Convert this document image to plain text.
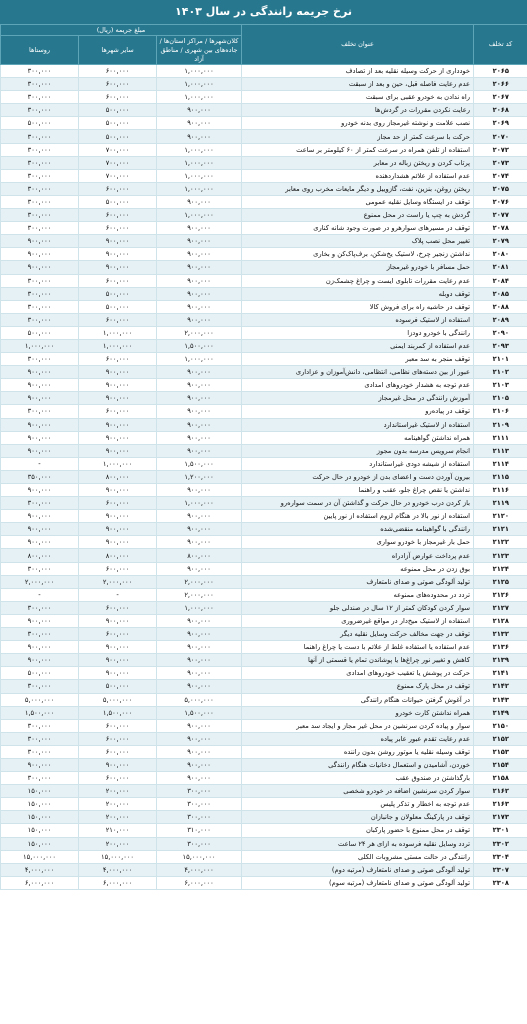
نرخ جریمه رانندگی در سال ۱۴۰۳
کد تخلف	عنوان تخلف	مبلغ جریمه (ریال)		
		کلان‌شهرها / مراکز استان‌ها / جاده‌های بین شهری / مناطق آزاد	سایر شهرها	روستاها
۲۰۶۵	خودداری از حرکت وسیله نقلیه بعد از تصادف	۱,۰۰۰,۰۰۰	۶۰۰,۰۰۰	۳۰۰,۰۰۰
۲۰۶۶	عدم رعایت فاصله قبل، حین و بعد از سبقت	۱,۰۰۰,۰۰۰	۶۰۰,۰۰۰	۳۰۰,۰۰۰
۲۰۶۷	راه ندادن به خودرو عقبی برای سبقت	۱,۰۰۰,۰۰۰	۶۰۰,۰۰۰	۳۰۰,۰۰۰
۲۰۶۸	رعایت نکردن مقررات در گردش‌ها	۹۰۰,۰۰۰	۵۰۰,۰۰۰	۳۰۰,۰۰۰
۲۰۶۹	نصب علامت و نوشته غیرمجاز روی بدنه خودرو	۹۰۰,۰۰۰	۵۰۰,۰۰۰	۵۰۰,۰۰۰
۲۰۷۰	حرکت با سرعت کمتر از حد مجاز	۹۰۰,۰۰۰	۵۰۰,۰۰۰	۳۰۰,۰۰۰
۲۰۷۲	استفاده از تلفن همراه در سرعت کمتر از ۶۰ کیلومتر بر ساعت	۱,۰۰۰,۰۰۰	۷۰۰,۰۰۰	۳۰۰,۰۰۰
۲۰۷۳	پرتاب کردن و ریختن زباله در معابر	۱,۰۰۰,۰۰۰	۷۰۰,۰۰۰	۳۰۰,۰۰۰
۲۰۷۴	عدم استفاده از علائم هشداردهنده	۱,۰۰۰,۰۰۰	۷۰۰,۰۰۰	۳۰۰,۰۰۰
۲۰۷۵	ریختن روغن، بنزین، نفت، گازوییل و دیگر مایعات مخرب روی معابر	۱,۰۰۰,۰۰۰	۶۰۰,۰۰۰	۳۰۰,۰۰۰
۲۰۷۶	توقف در ایستگاه وسایل نقلیه عمومی	۹۰۰,۰۰۰	۵۰۰,۰۰۰	۳۰۰,۰۰۰
۲۰۷۷	گردش به چپ یا راست در محل ممنوع	۱,۰۰۰,۰۰۰	۶۰۰,۰۰۰	۳۰۰,۰۰۰
۲۰۷۸	توقف در مسیرهای سوارهرو در صورت وجود شانه کناری	۹۰۰,۰۰۰	۶۰۰,۰۰۰	۳۰۰,۰۰۰
۲۰۷۹	تغییر محل نصب پلاک	۹۰۰,۰۰۰	۹۰۰,۰۰۰	۹۰۰,۰۰۰
۲۰۸۰	نداشتن زنجیر چرخ، لاستیک یخ‌شکن، برف‌پاک‌کن و بخاری	۹۰۰,۰۰۰	۹۰۰,۰۰۰	۹۰۰,۰۰۰
۲۰۸۱	حمل مسافر با خودرو غیرمجاز	۹۰۰,۰۰۰	۹۰۰,۰۰۰	۹۰۰,۰۰۰
۲۰۸۴	عدم رعایت مقررات تابلوی ایست و چراغ چشمک‌زن	۹۰۰,۰۰۰	۶۰۰,۰۰۰	۳۰۰,۰۰۰
۲۰۸۵	توقف دوبله	۹۰۰,۰۰۰	۵۰۰,۰۰۰	۳۰۰,۰۰۰
۲۰۸۸	توقف در حاشیه راه برای فروش کالا	۹۰۰,۰۰۰	۵۰۰,۰۰۰	۳۰۰,۰۰۰
۲۰۸۹	استفاده از لاستیک فرسوده	۹۰۰,۰۰۰	۶۰۰,۰۰۰	۳۰۰,۰۰۰
۲۰۹۰	رانندگی با خودرو دودزا	۲,۰۰۰,۰۰۰	۱,۰۰۰,۰۰۰	۵۰۰,۰۰۰
۲۰۹۳	عدم استفاده از کمربند ایمنی	۱,۵۰۰,۰۰۰	۱,۰۰۰,۰۰۰	۱,۰۰۰,۰۰۰
۲۱۰۱	توقف منجر به سد معبر	۱,۰۰۰,۰۰۰	۶۰۰,۰۰۰	۳۰۰,۰۰۰
۲۱۰۲	عبور از بین دسته‌های نظامی، انتظامی، دانش‌آموزان و عزاداری	۹۰۰,۰۰۰	۹۰۰,۰۰۰	۹۰۰,۰۰۰
۲۱۰۳	عدم توجه به هشدار خودروهای امدادی	۹۰۰,۰۰۰	۹۰۰,۰۰۰	۹۰۰,۰۰۰
۲۱۰۵	آموزش رانندگی در محل غیرمجاز	۹۰۰,۰۰۰	۹۰۰,۰۰۰	۹۰۰,۰۰۰
۲۱۰۶	توقف در پیاده‌رو	۹۰۰,۰۰۰	۶۰۰,۰۰۰	۳۰۰,۰۰۰
۲۱۰۹	استفاده از لاستیک غیراستاندارد	۹۰۰,۰۰۰	۹۰۰,۰۰۰	۹۰۰,۰۰۰
۲۱۱۱	همراه نداشتن گواهینامه	۹۰۰,۰۰۰	۹۰۰,۰۰۰	۹۰۰,۰۰۰
۲۱۱۳	انجام سرویس مدرسه بدون مجوز	۹۰۰,۰۰۰	۹۰۰,۰۰۰	۹۰۰,۰۰۰
۲۱۱۴	استفاده از شیشه دودی غیراستاندارد	۱,۵۰۰,۰۰۰	۱,۰۰۰,۰۰۰	-
۲۱۱۵	بیرون آوردن دست و اعضای بدن از خودرو در حال حرکت	۱,۲۰۰,۰۰۰	۸۰۰,۰۰۰	۳۵۰,۰۰۰
۲۱۱۶	نداشتن یا نقص چراغ جلو، عقب و راهنما	۹۰۰,۰۰۰	۹۰۰,۰۰۰	۹۰۰,۰۰۰
۲۱۱۹	باز کردن درب خودرو در حال حرکت و گذاشتن آن در سمت سواره‌رو	۱,۰۰۰,۰۰۰	۶۰۰,۰۰۰	۳۰۰,۰۰۰
۲۱۲۰	استفاده از نور بالا در هنگام لزوم استفاده از نور پایین	۹۰۰,۰۰۰	۹۰۰,۰۰۰	۹۰۰,۰۰۰
۲۱۲۱	رانندگی با گواهینامه منقضی‌شده	۹۰۰,۰۰۰	۹۰۰,۰۰۰	۹۰۰,۰۰۰
۲۱۲۲	حمل بار غیرمجاز با خودرو سواری	۹۰۰,۰۰۰	۹۰۰,۰۰۰	۹۰۰,۰۰۰
۲۱۲۳	عدم پرداخت عوارض آزادراه	۸۰۰,۰۰۰	۸۰۰,۰۰۰	۸۰۰,۰۰۰
۲۱۲۴	بوق زدن در محل ممنوعه	۹۰۰,۰۰۰	۶۰۰,۰۰۰	۳۰۰,۰۰۰
۲۱۲۵	تولید آلودگی صوتی و صدای نامتعارف	۲,۰۰۰,۰۰۰	۲,۰۰۰,۰۰۰	۲,۰۰۰,۰۰۰
۲۱۲۶	تردد در محدوده‌های ممنوعه	۲,۰۰۰,۰۰۰	-	-
۲۱۲۷	سوار کردن کودکان کمتر از ۱۲ سال در صندلی جلو	۱,۰۰۰,۰۰۰	۶۰۰,۰۰۰	۳۰۰,۰۰۰
۲۱۲۸	استفاده از لاستیک میخ‌دار در مواقع غیرضروری	۹۰۰,۰۰۰	۹۰۰,۰۰۰	۹۰۰,۰۰۰
۲۱۳۲	توقف در جهت مخالف حرکت وسایل نقلیه دیگر	۹۰۰,۰۰۰	۶۰۰,۰۰۰	۳۰۰,۰۰۰
۲۱۳۶	عدم استفاده یا استفاده غلط از علائم با دست یا چراغ راهنما	۹۰۰,۰۰۰	۹۰۰,۰۰۰	۹۰۰,۰۰۰
۲۱۳۹	کاهش و تغییر نور چراغ‌ها یا پوشاندن تمام یا قسمتی از آنها	۹۰۰,۰۰۰	۹۰۰,۰۰۰	۹۰۰,۰۰۰
۲۱۴۱	حرکت در پوشش یا تعقیب خودروهای امدادی	۹۰۰,۰۰۰	۹۰۰,۰۰۰	۵۰۰,۰۰۰
۲۱۴۲	توقف در محل پارک ممنوع	۹۰۰,۰۰۰	۵۰۰,۰۰۰	۳۰۰,۰۰۰
۲۱۴۳	در آغوش گرفتن حیوانات هنگام رانندگی	۵,۰۰۰,۰۰۰	۵,۰۰۰,۰۰۰	۵,۰۰۰,۰۰۰
۲۱۴۹	همراه نداشتن کارت خودرو	۱,۵۰۰,۰۰۰	۱,۵۰۰,۰۰۰	۱,۵۰۰,۰۰۰
۲۱۵۰	سوار و پیاده کردن سرنشین در محل غیر مجاز و ایجاد سد معبر	۹۰۰,۰۰۰	۶۰۰,۰۰۰	۳۰۰,۰۰۰
۲۱۵۲	عدم رعایت تقدم عبور عابر پیاده	۹۰۰,۰۰۰	۶۰۰,۰۰۰	۳۰۰,۰۰۰
۲۱۵۳	توقف وسیله نقلیه یا موتور روشن بدون راننده	۹۰۰,۰۰۰	۶۰۰,۰۰۰	۳۰۰,۰۰۰
۲۱۵۴	خوردن، آشامیدن و استعمال دخانیات هنگام رانندگی	۹۰۰,۰۰۰	۹۰۰,۰۰۰	۹۰۰,۰۰۰
۲۱۵۸	بارگذاشتن در صندوق عقب	۹۰۰,۰۰۰	۶۰۰,۰۰۰	۳۰۰,۰۰۰
۲۱۶۲	سوار کردن سرنشین اضافه در خودرو شخصی	۳۰۰,۰۰۰	۲۰۰,۰۰۰	۱۵۰,۰۰۰
۲۱۶۳	عدم توجه به اخطار و تذکر پلیس	۳۰۰,۰۰۰	۲۰۰,۰۰۰	۱۵۰,۰۰۰
۲۱۷۳	توقف در پارکینگ معلولان و جانبازان	۳۰۰,۰۰۰	۲۰۰,۰۰۰	۱۵۰,۰۰۰
۲۳۰۱	توقف در محل ممنوع با حضور پارکبان	۳۱۰,۰۰۰	۲۱۰,۰۰۰	۱۵۰,۰۰۰
۲۳۰۲	تردد وسایل نقلیه فرسوده به ازای هر ۲۴ ساعت	۳۰۰,۰۰۰	۲۰۰,۰۰۰	۱۵۰,۰۰۰
۲۳۰۴	رانندگی در حالت مستی مشروبات الکلی	۱۵,۰۰۰,۰۰۰	۱۵,۰۰۰,۰۰۰	۱۵,۰۰۰,۰۰۰
۲۳۰۷	تولید آلودگی صوتی و صدای نامتعارف (مرتبه دوم)	۴,۰۰۰,۰۰۰	۴,۰۰۰,۰۰۰	۴,۰۰۰,۰۰۰
۲۳۰۸	تولید آلودگی صوتی و صدای نامتعارف (مرتبه سوم)	۶,۰۰۰,۰۰۰	۶,۰۰۰,۰۰۰	۶,۰۰۰,۰۰۰
